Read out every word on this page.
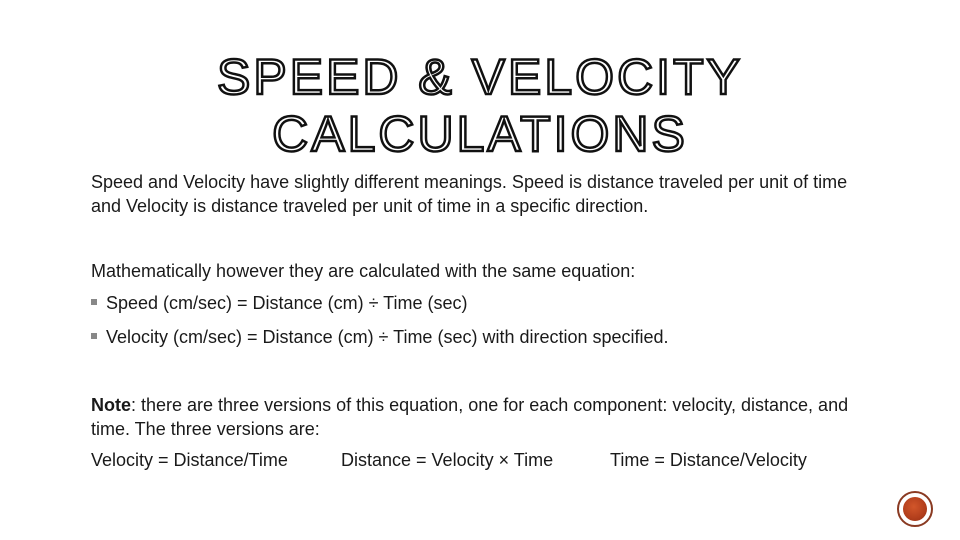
SPEED & VELOCITY
CALCULATIONS

Speed and Velocity have slightly different meanings. Speed is distance traveled per unit of time and Velocity is distance traveled per unit of time in a specific direction.

Mathematically however they are calculated with the same equation:

Speed (cm/sec) = Distance (cm) ÷ Time (sec)
Velocity (cm/sec) = Distance (cm) ÷ Time (sec) with direction specified.

Note: there are three versions of this equation, one for each component: velocity, distance, and time. The three versions are:

Velocity = Distance/Time	Distance = Velocity × Time	Time = Distance/Velocity
